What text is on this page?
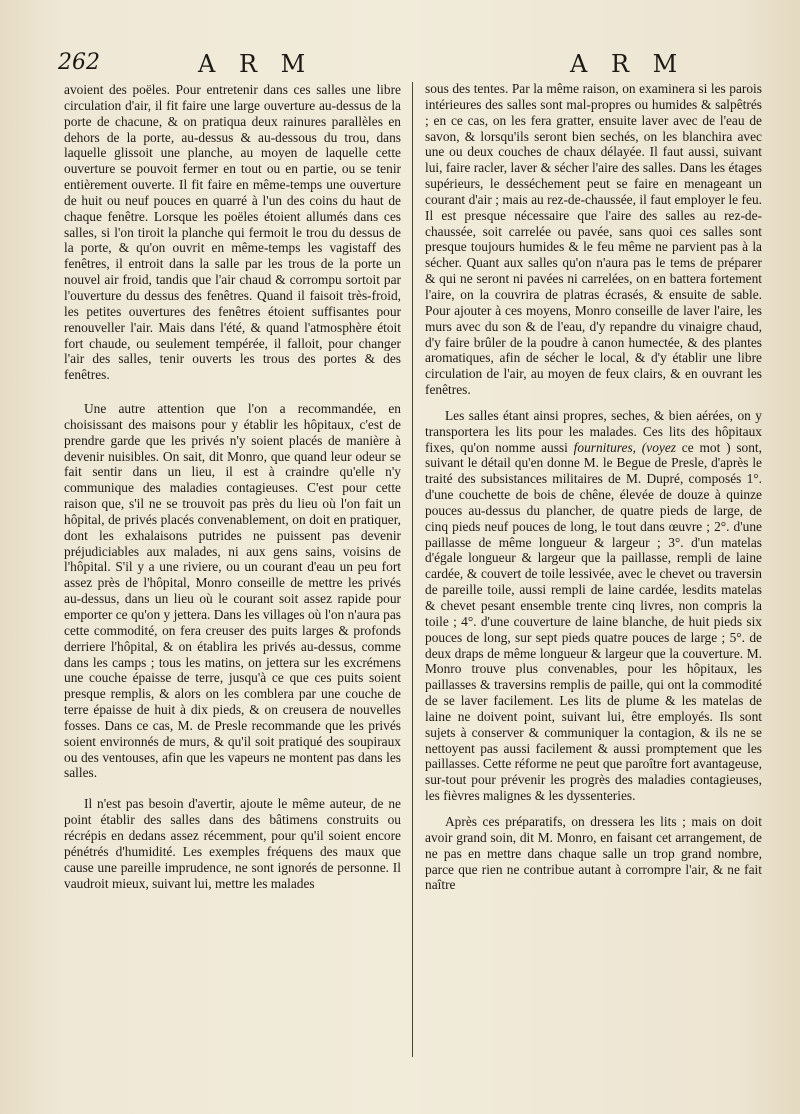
262	A R M	A R M

avoient des poëles. Pour entretenir dans ces salles une libre circulation d'air, il fit faire une large ouverture au-dessus de la porte de chacune, & on pratiqua deux rainures parallèles en dehors de la porte, au-dessus & au-dessous du trou, dans laquelle glissoit une planche, au moyen de laquelle cette ouverture se pouvoit fermer en tout ou en partie, ou se tenir entièrement ouverte. Il fit faire en même-temps une ouverture de huit ou neuf pouces en quarré à l'un des coins du haut de chaque fenêtre. Lorsque les poëles étoient allumés dans ces salles, si l'on tiroit la planche qui fermoit le trou du dessus de la porte, & qu'on ouvrit en même-temps les vagistaff des fenêtres, il entroit dans la salle par les trous de la porte un nouvel air froid, tandis que l'air chaud & corrompu sortoit par l'ouverture du dessus des fenêtres. Quand il faisoit très-froid, les petites ouvertures des fenêtres étoient suffisantes pour renouveller l'air. Mais dans l'été, & quand l'atmosphère étoit fort chaude, ou seulement tempérée, il falloit, pour changer l'air des salles, tenir ouverts les trous des portes & des fenêtres.

Une autre attention que l'on a recommandée, en choisissant des maisons pour y établir les hôpitaux, c'est de prendre garde que les privés n'y soient placés de manière à devenir nuisibles. On sait, dit Monro, que quand leur odeur se fait sentir dans un lieu, il est à craindre qu'elle n'y communique des maladies contagieuses. C'est pour cette raison que, s'il ne se trouvoit pas près du lieu où l'on fait un hôpital, de privés placés convenablement, on doit en pratiquer, dont les exhalaisons putrides ne puissent pas devenir préjudiciables aux malades, ni aux gens sains, voisins de l'hôpital. S'il y a une riviere, ou un courant d'eau un peu fort assez près de l'hôpital, Monro conseille de mettre les privés au-dessus, dans un lieu où le courant soit assez rapide pour emporter ce qu'on y jettera. Dans les villages où l'on n'aura pas cette commodité, on fera creuser des puits larges & profonds derriere l'hôpital, & on établira les privés au-dessus, comme dans les camps ; tous les matins, on jettera sur les excrémens une couche épaisse de terre, jusqu'à ce que ces puits soient presque remplis, & alors on les comblera par une couche de terre épaisse de huit à dix pieds, & on creusera de nouvelles fosses. Dans ce cas, M. de Presle recommande que les privés soient environnés de murs, & qu'il soit pratiqué des soupiraux ou des ventouses, afin que les vapeurs ne montent pas dans les salles.

Il n'est pas besoin d'avertir, ajoute le même auteur, de ne point établir des salles dans des bâtimens construits ou récrépis en dedans assez récemment, pour qu'il soient encore pénétrés d'humidité. Les exemples fréquens des maux que cause une pareille imprudence, ne sont ignorés de personne. Il vaudroit mieux, suivant lui, mettre les malades

sous des tentes. Par la même raison, on examinera si les parois intérieures des salles sont mal-propres ou humides & salpêtrés ; en ce cas, on les fera gratter, ensuite laver avec de l'eau de savon, & lorsqu'ils seront bien sechés, on les blanchira avec une ou deux couches de chaux délayée. Il faut aussi, suivant lui, faire racler, laver & sécher l'aire des salles. Dans les étages supérieurs, le desséchement peut se faire en menageant un courant d'air ; mais au rez-de-chaussée, il faut employer le feu. Il est presque nécessaire que l'aire des salles au rez-de-chaussée, soit carrelée ou pavée, sans quoi ces salles sont presque toujours humides & le feu même ne parvient pas à la sécher. Quant aux salles qu'on n'aura pas le tems de préparer & qui ne seront ni pavées ni carrelées, on en battera fortement l'aire, on la couvrira de platras écrasés, & ensuite de sable. Pour ajouter à ces moyens, Monro conseille de laver l'aire, les murs avec du son & de l'eau, d'y repandre du vinaigre chaud, d'y faire brûler de la poudre à canon humectée, & des plantes aromatiques, afin de sécher le local, & d'y établir une libre circulation de l'air, au moyen de feux clairs, & en ouvrant les fenêtres.

Les salles étant ainsi propres, seches, & bien aérées, on y transportera les lits pour les malades. Ces lits des hôpitaux fixes, qu'on nomme aussi fournitures, (voyez ce mot ) sont, suivant le détail qu'en donne M. le Begue de Presle, d'après le traité des subsistances militaires de M. Dupré, composés 1°. d'une couchette de bois de chêne, élevée de douze à quinze pouces au-dessus du plancher, de quatre pieds de large, de cinq pieds neuf pouces de long, le tout dans œuvre ; 2°. d'une paillasse de même longueur & largeur ; 3°. d'un matelas d'égale longueur & largeur que la paillasse, rempli de laine cardée, & couvert de toile lessivée, avec le chevet ou traversin de pareille toile, aussi rempli de laine cardée, lesdits matelas & chevet pesant ensemble trente cinq livres, non compris la toile ; 4°. d'une couverture de laine blanche, de huit pieds six pouces de long, sur sept pieds quatre pouces de large ; 5°. de deux draps de même longueur & largeur que la couverture. M. Monro trouve plus convenables, pour les hôpitaux, les paillasses & traversins remplis de paille, qui ont la commodité de se laver facilement. Les lits de plume & les matelas de laine ne doivent point, suivant lui, être employés. Ils sont sujets à conserver & communiquer la contagion, & ils ne se nettoyent pas aussi facilement & aussi promptement que les paillasses. Cette réforme ne peut que paroître fort avantageuse, sur-tout pour prévenir les progrès des maladies contagieuses, les fièvres malignes & les dyssenteries.

Après ces préparatifs, on dressera les lits ; mais on doit avoir grand soin, dit M. Monro, en faisant cet arrangement, de ne pas en mettre dans chaque salle un trop grand nombre, parce que rien ne contribue autant à corrompre l'air, & ne fait naître
